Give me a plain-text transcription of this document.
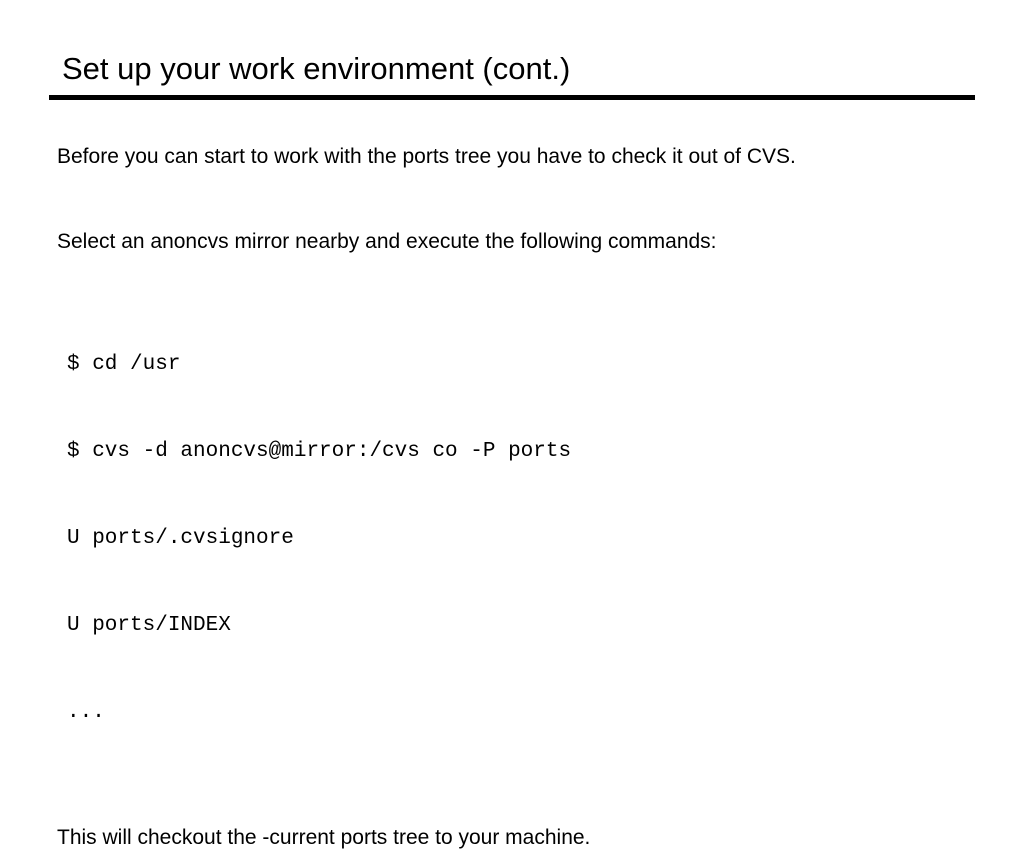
Set up your work environment (cont.)

Before you can start to work with the ports tree you have to check it out of CVS.

Select an anoncvs mirror nearby and execute the following commands:

$ cd /usr

$ cvs -d anoncvs@mirror:/cvs co -P ports

U ports/.cvsignore

U ports/INDEX

...

This will checkout the -current ports tree to your machine.
